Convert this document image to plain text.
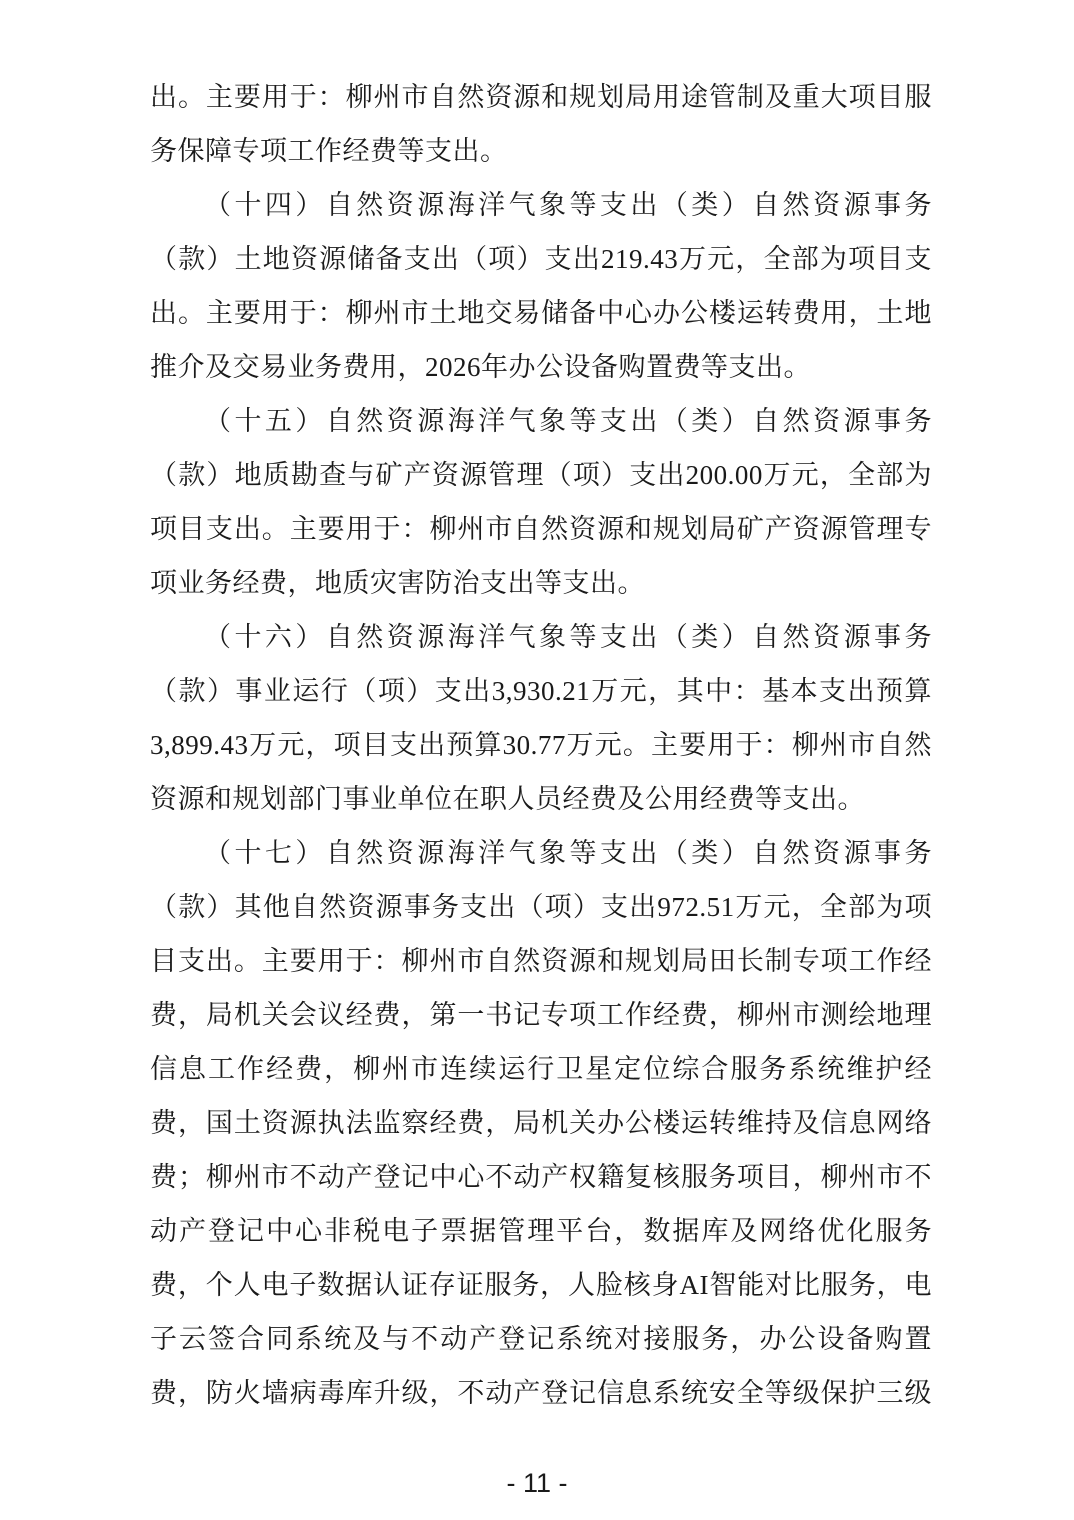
出。主要用于：柳州市自然资源和规划局用途管制及重大项目服
务保障专项工作经费等支出。
（十四）自然资源海洋气象等支出（类）自然资源事务
（款）土地资源储备支出（项）支出219.43万元，全部为项目支
出。主要用于：柳州市土地交易储备中心办公楼运转费用，土地
推介及交易业务费用，2026年办公设备购置费等支出。
（十五）自然资源海洋气象等支出（类）自然资源事务
（款）地质勘查与矿产资源管理（项）支出200.00万元，全部为
项目支出。主要用于：柳州市自然资源和规划局矿产资源管理专
项业务经费，地质灾害防治支出等支出。
（十六）自然资源海洋气象等支出（类）自然资源事务
（款）事业运行（项）支出3,930.21万元，其中：基本支出预算
3,899.43万元，项目支出预算30.77万元。主要用于：柳州市自然
资源和规划部门事业单位在职人员经费及公用经费等支出。
（十七）自然资源海洋气象等支出（类）自然资源事务
（款）其他自然资源事务支出（项）支出972.51万元，全部为项
目支出。主要用于：柳州市自然资源和规划局田长制专项工作经
费，局机关会议经费，第一书记专项工作经费，柳州市测绘地理
信息工作经费，柳州市连续运行卫星定位综合服务系统维护经
费，国土资源执法监察经费，局机关办公楼运转维持及信息网络
费；柳州市不动产登记中心不动产权籍复核服务项目，柳州市不
动产登记中心非税电子票据管理平台，数据库及网络优化服务
费，个人电子数据认证存证服务，人脸核身AI智能对比服务，电
子云签合同系统及与不动产登记系统对接服务，办公设备购置
费，防火墙病毒库升级，不动产登记信息系统安全等级保护三级
- 11 -
